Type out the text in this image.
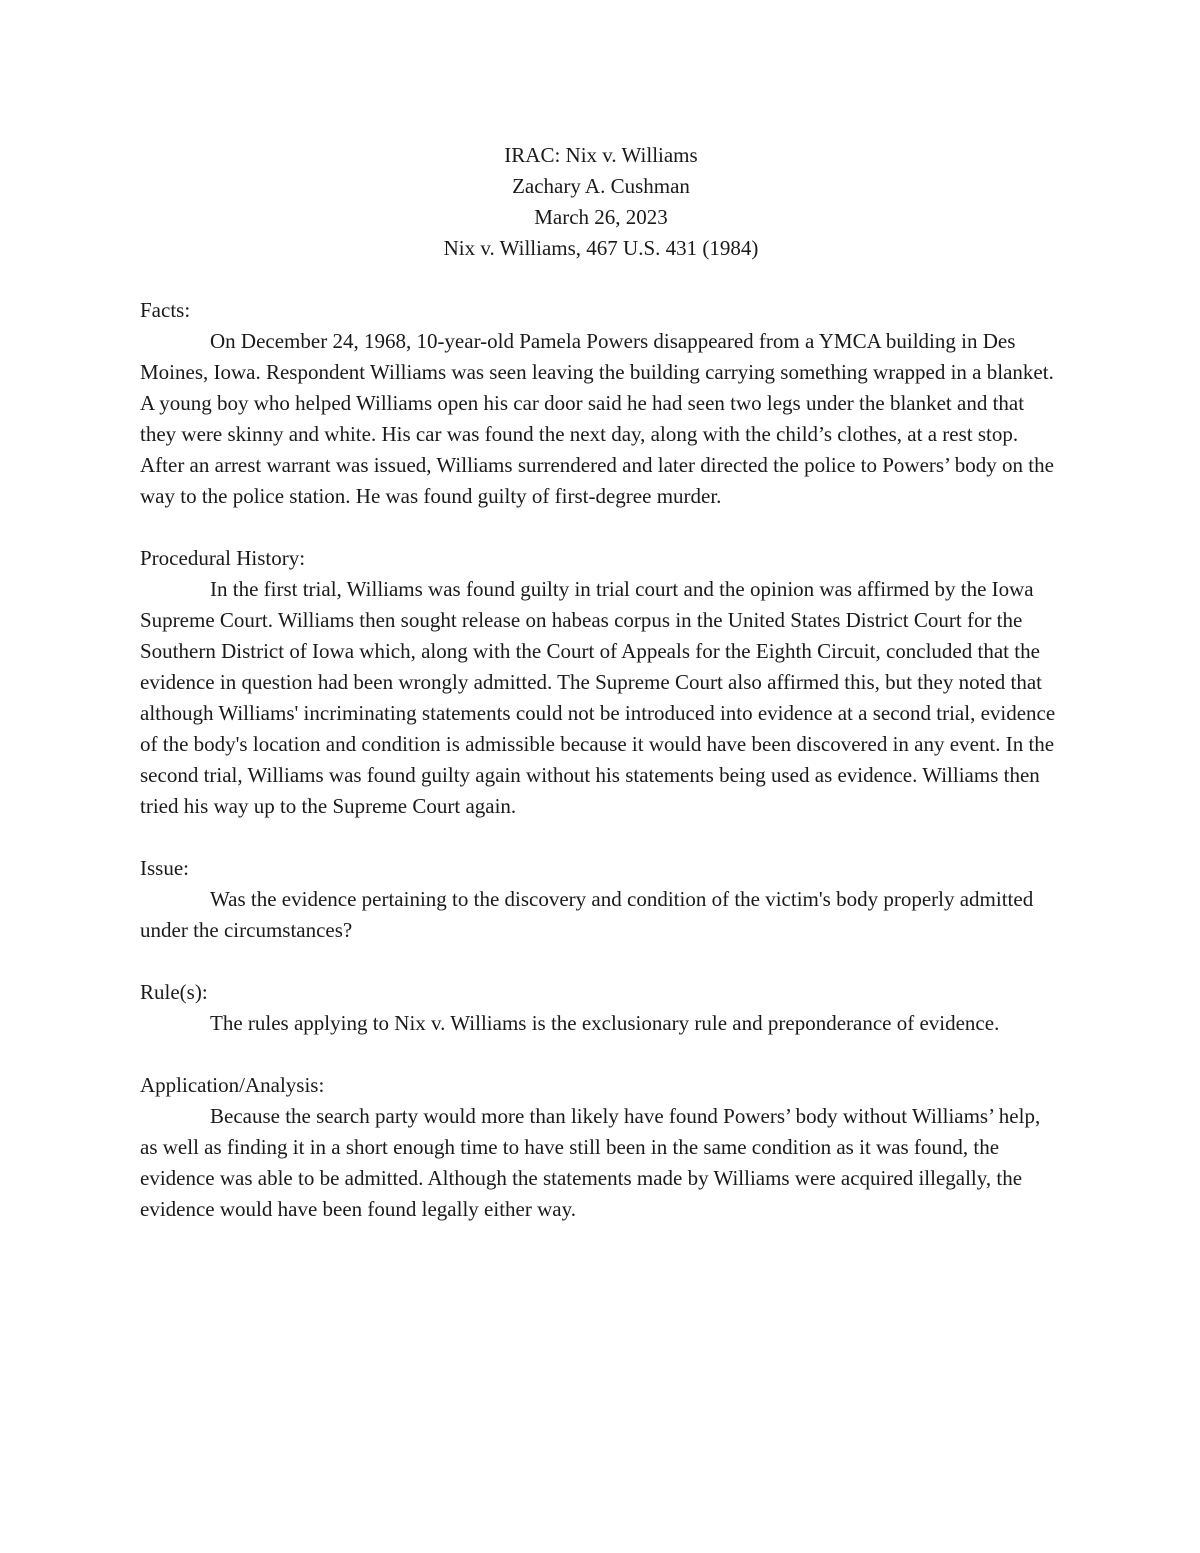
IRAC: Nix v. Williams
Zachary A. Cushman
March 26, 2023
Nix v. Williams, 467 U.S. 431 (1984)
Facts:

On December 24, 1968, 10-year-old Pamela Powers disappeared from a YMCA building in Des Moines, Iowa. Respondent Williams was seen leaving the building carrying something wrapped in a blanket. A young boy who helped Williams open his car door said he had seen two legs under the blanket and that they were skinny and white. His car was found the next day, along with the child’s clothes, at a rest stop. After an arrest warrant was issued, Williams surrendered and later directed the police to Powers’ body on the way to the police station. He was found guilty of first-degree murder.

Procedural History:

In the first trial, Williams was found guilty in trial court and the opinion was affirmed by the Iowa Supreme Court. Williams then sought release on habeas corpus in the United States District Court for the Southern District of Iowa which, along with the Court of Appeals for the Eighth Circuit, concluded that the evidence in question had been wrongly admitted. The Supreme Court also affirmed this, but they noted that although Williams' incriminating statements could not be introduced into evidence at a second trial, evidence of the body's location and condition is admissible because it would have been discovered in any event. In the second trial, Williams was found guilty again without his statements being used as evidence. Williams then tried his way up to the Supreme Court again.

Issue:

Was the evidence pertaining to the discovery and condition of the victim's body properly admitted under the circumstances?

Rule(s):

The rules applying to Nix v. Williams is the exclusionary rule and preponderance of evidence.

Application/Analysis:

Because the search party would more than likely have found Powers’ body without Williams’ help, as well as finding it in a short enough time to have still been in the same condition as it was found, the evidence was able to be admitted. Although the statements made by Williams were acquired illegally, the evidence would have been found legally either way.
